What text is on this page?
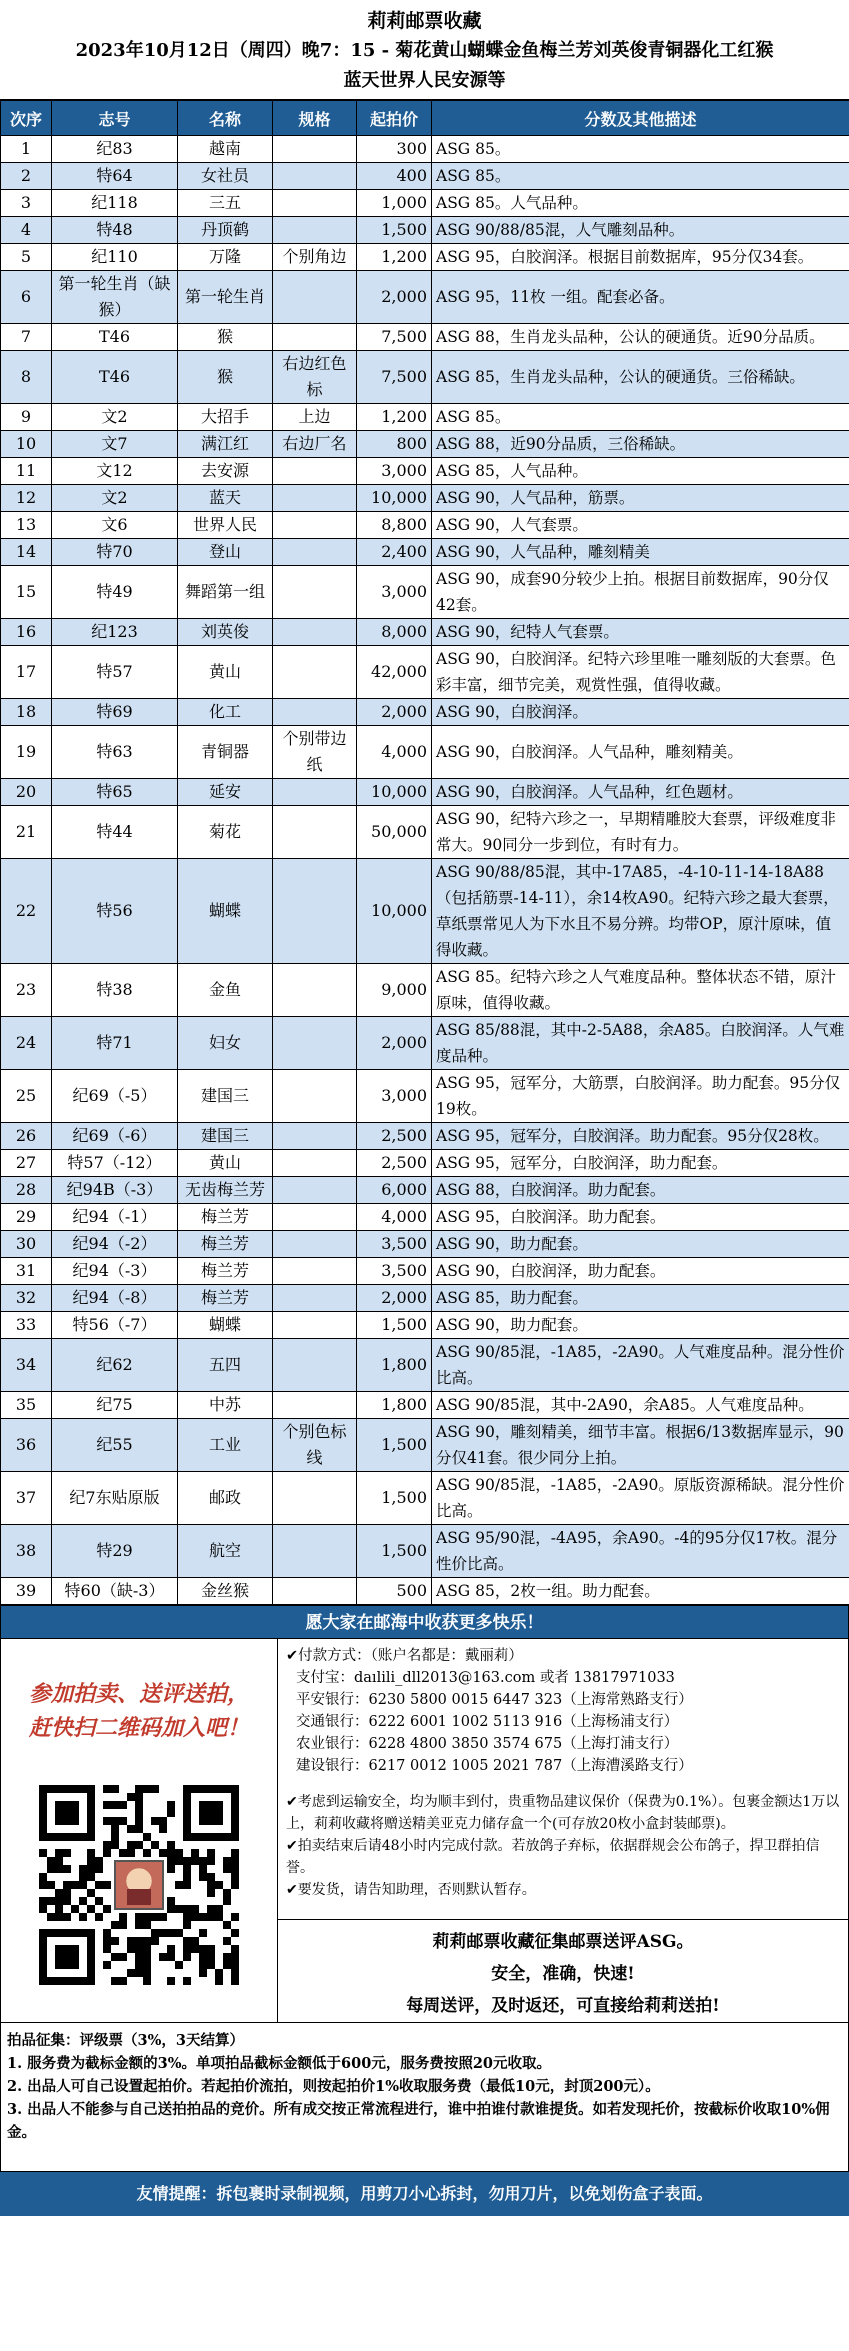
莉莉邮票收藏
2023年10月12日（周四）晚7：15 - 菊花黄山蝴蝶金鱼梅兰芳刘英俊青铜器化工红猴
蓝天世界人民安源等
次序	志号	名称	规格	起拍价	分数及其他描述
1	纪83	越南		300	ASG 85。
2	特64	女社员		400	ASG 85。
3	纪118	三五		1,000	ASG 85。人气品种。
4	特48	丹顶鹤		1,500	ASG 90/88/85混，人气雕刻品种。
5	纪110	万隆	个别角边	1,200	ASG 95，白胶润泽。根据目前数据库，95分仅34套。
6	第一轮生肖（缺猴）	第一轮生肖		2,000	ASG 95，11枚 一组。配套必备。
7	T46	猴		7,500	ASG 88，生肖龙头品种，公认的硬通货。近90分品质。
8	T46	猴	右边红色标	7,500	ASG 85，生肖龙头品种，公认的硬通货。三俗稀缺。
9	文2	大招手	上边	1,200	ASG 85。
10	文7	满江红	右边厂名	800	ASG 88，近90分品质，三俗稀缺。
11	文12	去安源		3,000	ASG 85，人气品种。
12	文2	蓝天		10,000	ASG 90，人气品种，筋票。
13	文6	世界人民		8,800	ASG 90，人气套票。
14	特70	登山		2,400	ASG 90，人气品种，雕刻精美
15	特49	舞蹈第一组		3,000	ASG 90，成套90分较少上拍。根据目前数据库，90分仅42套。
16	纪123	刘英俊		8,000	ASG 90，纪特人气套票。
17	特57	黄山		42,000	ASG 90，白胶润泽。纪特六珍里唯一雕刻版的大套票。色彩丰富，细节完美，观赏性强，值得收藏。
18	特69	化工		2,000	ASG 90，白胶润泽。
19	特63	青铜器	个别带边纸	4,000	ASG 90，白胶润泽。人气品种，雕刻精美。
20	特65	延安		10,000	ASG 90，白胶润泽。人气品种，红色题材。
21	特44	菊花		50,000	ASG 90，纪特六珍之一，早期精雕胶大套票，评级难度非常大。90同分一步到位，有时有力。
22	特56	蝴蝶		10,000	ASG 90/88/85混，其中-17A85，-4-10-11-14-18A88（包括筋票-14-11），余14枚A90。纪特六珍之最大套票，草纸票常见人为下水且不易分辨。均带OP，原汁原味，值得收藏。
23	特38	金鱼		9,000	ASG 85。纪特六珍之人气难度品种。整体状态不错，原汁原味，值得收藏。
24	特71	妇女		2,000	ASG 85/88混，其中-2-5A88，余A85。白胶润泽。人气难度品种。
25	纪69（-5）	建国三		3,000	ASG 95，冠军分，大筋票，白胶润泽。助力配套。95分仅19枚。
26	纪69（-6）	建国三		2,500	ASG 95，冠军分，白胶润泽。助力配套。95分仅28枚。
27	特57（-12）	黄山		2,500	ASG 95，冠军分，白胶润泽，助力配套。
28	纪94B（-3）	无齿梅兰芳		6,000	ASG 88，白胶润泽。助力配套。
29	纪94（-1）	梅兰芳		4,000	ASG 95，白胶润泽。助力配套。
30	纪94（-2）	梅兰芳		3,500	ASG 90，助力配套。
31	纪94（-3）	梅兰芳		3,500	ASG 90，白胶润泽，助力配套。
32	纪94（-8）	梅兰芳		2,000	ASG 85，助力配套。
33	特56（-7）	蝴蝶		1,500	ASG 90，助力配套。
34	纪62	五四		1,800	ASG 90/85混，-1A85，-2A90。人气难度品种。混分性价比高。
35	纪75	中苏		1,800	ASG 90/85混，其中-2A90，余A85。人气难度品种。
36	纪55	工业	个别色标线	1,500	ASG 90，雕刻精美，细节丰富。根据6/13数据库显示，90分仅41套。很少同分上拍。
37	纪7东贴原版	邮政		1,500	ASG 90/85混，-1A85，-2A90。原版资源稀缺。混分性价比高。
38	特29	航空		1,500	ASG 95/90混，-4A95，余A90。-4的95分仅17枚。混分性价比高。
39	特60（缺-3）	金丝猴		500	ASG 85，2枚一组。助力配套。
愿大家在邮海中收获更多快乐！
参加拍卖、送评送拍，
赶快扫二维码加入吧！
✔付款方式：（账户名都是：戴丽莉）
支付宝：daılili_dll2013@163.com 或者 13817971033
平安银行：6230 5800 0015 6447 323（上海常熟路支行）
交通银行：6222 6001 1002 5113 916（上海杨浦支行）
农业银行：6228 4800 3850 3574 675（上海打浦支行）
建设银行：6217 0012 1005 2021 787（上海漕溪路支行）
✔考虑到运输安全，均为顺丰到付，贵重物品建议保价（保费为0.1%）。包裹金额达1万以上，莉莉收藏将赠送精美亚克力储存盒一个(可存放20枚小盒封装邮票)。
✔拍卖结束后请48小时内完成付款。若放鸽子弃标，依据群规会公布鸽子，捍卫群拍信誉。
✔要发货，请告知助理，否则默认暂存。
莉莉邮票收藏征集邮票送评ASG。
安全，准确，快速!
每周送评，及时返还，可直接给莉莉送拍!
拍品征集：评级票（3%，3天结算）
1. 服务费为截标金额的3%。单项拍品截标金额低于600元，服务费按照20元收取。
2. 出品人可自己设置起拍价。若起拍价流拍，则按起拍价1%收取服务费（最低10元，封顶200元）。
3. 出品人不能参与自己送拍拍品的竞价。所有成交按正常流程进行，谁中拍谁付款谁提货。如若发现托价，按截标价收取10%佣金。
友情提醒：拆包裹时录制视频，用剪刀小心拆封，勿用刀片，以免划伤盒子表面。
